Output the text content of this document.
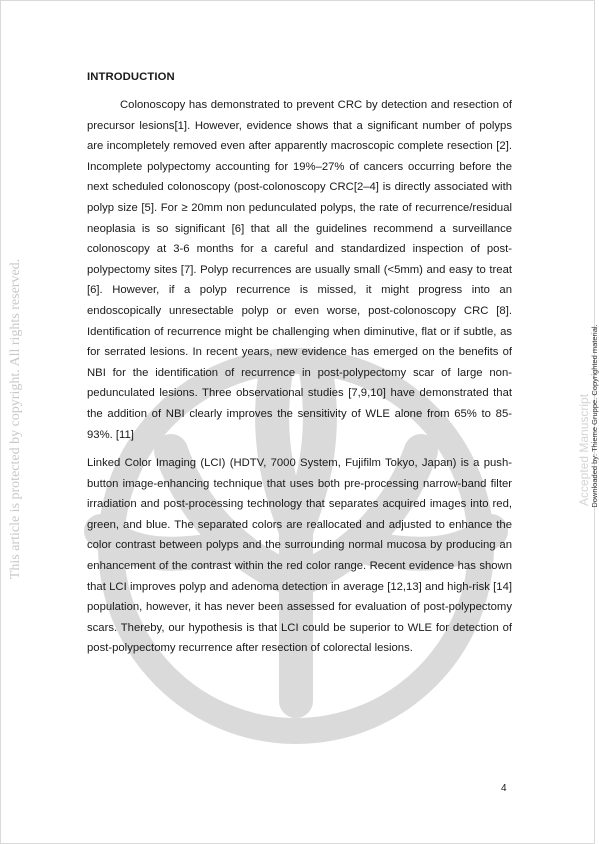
This article is protected by copyright. All rights reserved.	Accepted Manuscript Downloaded by: Thieme Gruppe. Copyrighted material.
INTRODUCTION

Colonoscopy has demonstrated to prevent CRC by detection and resection of precursor lesions[1]. However, evidence shows that a significant number of polyps are incompletely removed even after apparently macroscopic complete resection [2]. Incomplete polypectomy accounting for 19%–27% of cancers occurring before the next scheduled colonoscopy (post-colonoscopy CRC[2–4] is directly associated with polyp size [5]. For ≥ 20mm non pedunculated polyps, the rate of recurrence/residual neoplasia is so significant [6] that all the guidelines recommend a surveillance colonoscopy at 3-6 months for a careful and standardized inspection of post-polypectomy sites [7]. Polyp recurrences are usually small (<5mm) and easy to treat [6]. However, if a polyp recurrence is missed, it might progress into an endoscopically unresectable polyp or even worse, post-colonoscopy CRC [8]. Identification of recurrence might be challenging when diminutive, flat or if subtle, as for serrated lesions. In recent years, new evidence has emerged on the benefits of NBI for the identification of recurrence in post-polypectomy scar of large non-pedunculated lesions. Three observational studies [7,9,10] have demonstrated that the addition of NBI clearly improves the sensitivity of WLE alone from 65% to 85-93%. [11]

Linked Color Imaging (LCI) (HDTV, 7000 System, Fujifilm Tokyo, Japan) is a push-button image-enhancing technique that uses both pre-processing narrow-band filter irradiation and post-processing technology that separates acquired images into red, green, and blue. The separated colors are reallocated and adjusted to enhance the color contrast between polyps and the surrounding normal mucosa by producing an enhancement of the contrast within the red color range. Recent evidence has shown that LCI improves polyp and adenoma detection in average [12,13] and high-risk [14] population, however, it has never been assessed for evaluation of post-polypectomy scars. Thereby, our hypothesis is that LCI could be superior to WLE for detection of post-polypectomy recurrence after resection of colorectal lesions.

4
